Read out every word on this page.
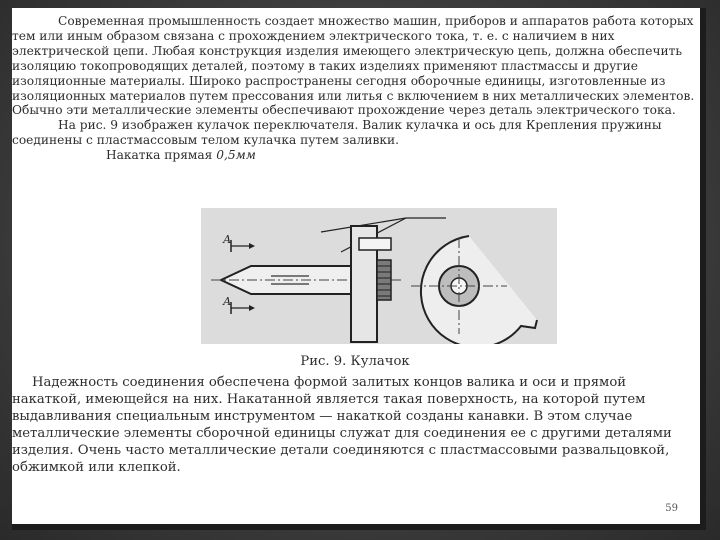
Современная промышленность создает множество машин, приборов и аппаратов работа которых тем или иным образом связана с прохождением электрического тока, т. е. с наличием в них электрической цепи. Любая конструкция изделия имеющего электрическую цепь, должна обеспечить изоляцию токопроводящих деталей, поэтому в таких изделиях применяют пластмассы и другие изоляционные материалы. Широко распространены сегодня оборочные единицы, изготовленные из изоляционных материалов путем прессования или литья с включением в них металлических элементов. Обычно эти металлические элементы обеспечивают прохождение через деталь электрического тока.

На рис. 9 изображен кулачок переключателя. Валик кулачка и ось для Крепления пружины соединены с пластмассовым телом кулачка путем заливки.

Накатка прямая 0,5мм

А
А
Рис. 9. Кулачок

Надежность соединения обеспечена формой залитых концов валика и оси и прямой накаткой, имеющейся на них. Накатанной является такая поверхность, на которой путем выдавливания специальным инструментом — накаткой созданы канавки. В этом случае металлические элементы сборочной единицы служат для соединения ее с другими деталями изделия. Очень часто металлические детали соединяются с пластмассовыми развальцовкой, обжимкой или клепкой.

59
